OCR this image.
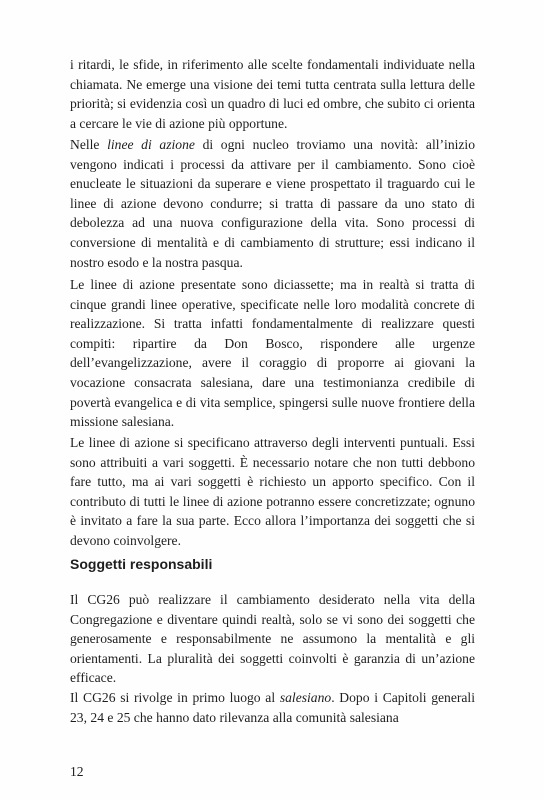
i ritardi, le sfide, in riferimento alle scelte fondamentali individuate nella chiamata. Ne emerge una visione dei temi tutta centrata sulla lettura delle priorità; si evidenzia così un quadro di luci ed ombre, che subito ci orienta a cercare le vie di azione più opportune.

Nelle linee di azione di ogni nucleo troviamo una novità: all’inizio vengono indicati i processi da attivare per il cambiamento. Sono cioè enucleate le situazioni da superare e viene prospettato il traguardo cui le linee di azione devono condurre; si tratta di passare da uno stato di debolezza ad una nuova configurazione della vita. Sono processi di conversione di mentalità e di cambiamento di strutture; essi indicano il nostro esodo e la nostra pasqua.

Le linee di azione presentate sono diciassette; ma in realtà si tratta di cinque grandi linee operative, specificate nelle loro modalità concrete di realizzazione. Si tratta infatti fondamentalmente di realizzare questi compiti: ripartire da Don Bosco, rispondere alle urgenze dell’evangelizzazione, avere il coraggio di proporre ai giovani la vocazione consacrata salesiana, dare una testimonianza credibile di povertà evangelica e di vita semplice, spingersi sulle nuove frontiere della missione salesiana.

Le linee di azione si specificano attraverso degli interventi puntuali. Essi sono attribuiti a vari soggetti. È necessario notare che non tutti debbono fare tutto, ma ai vari soggetti è richiesto un apporto specifico. Con il contributo di tutti le linee di azione potranno essere concretizzate; ognuno è invitato a fare la sua parte. Ecco allora l’importanza dei soggetti che si devono coinvolgere.

Soggetti responsabili

Il CG26 può realizzare il cambiamento desiderato nella vita della Congregazione e diventare quindi realtà, solo se vi sono dei soggetti che generosamente e responsabilmente ne assumono la mentalità e gli orientamenti. La pluralità dei soggetti coinvolti è garanzia di un’azione efficace.

Il CG26 si rivolge in primo luogo al salesiano. Dopo i Capitoli generali 23, 24 e 25 che hanno dato rilevanza alla comunità salesiana

12
